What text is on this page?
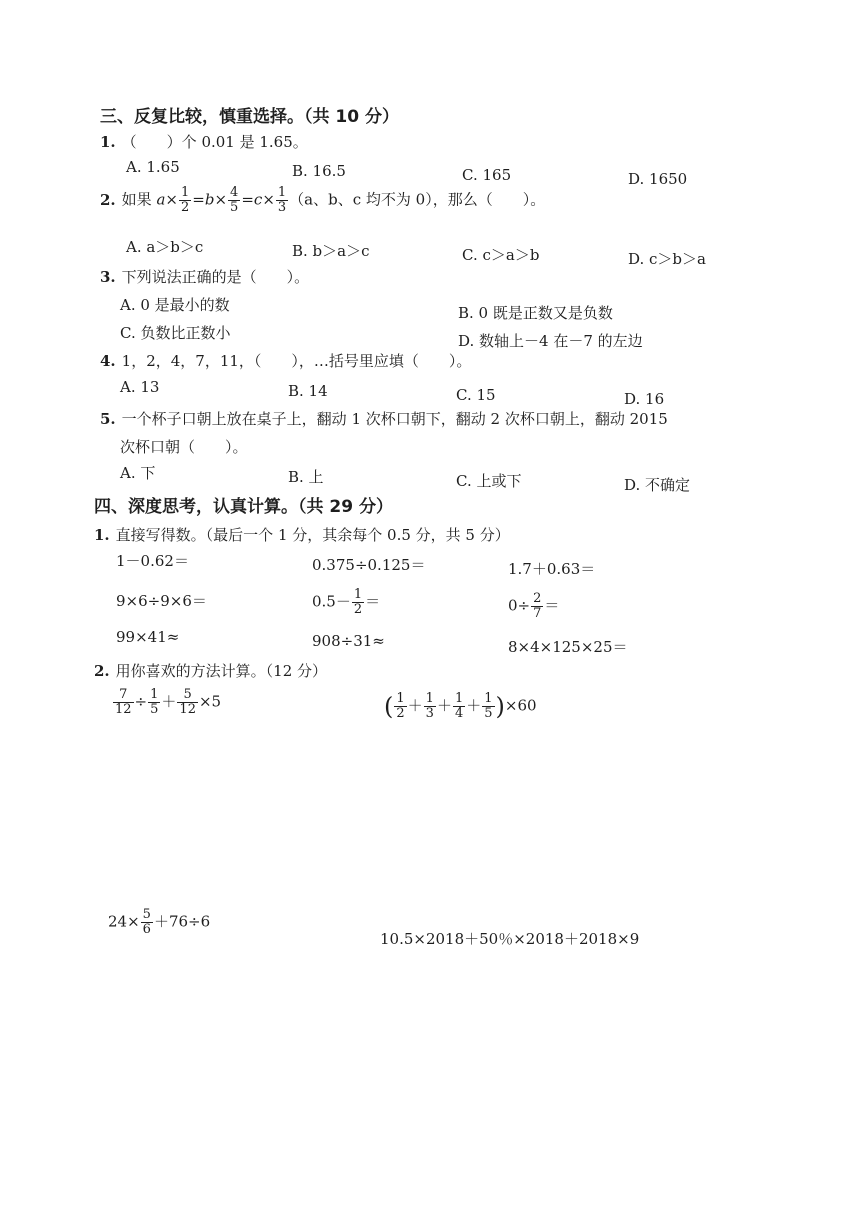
三、反复比较，慎重选择。（共 10 分）
1. （　　）个 0.01 是 1.65。
A. 1.65	B. 16.5	C. 165	D. 1650
2. 如果 $a\times \frac{1}{2} =b\times \frac{4}{5} =c\times \frac{1}{3} (a$、b、c 均不为 0），那么（　　）。
A. a＞b＞c	B. b＞a＞c	C. c＞a＞b	D. c＞b＞a
3. 下列说法正确的是（　　）。
A. 0 是最小的数	B. 0 既是正数又是负数
C. 负数比正数小	D. 数轴上－4 在－7 的左边
4. 1，2，4，7，11，（　　），…括号里应填（　　）。
A. 13	B. 14	C. 15	D. 16
5. 一个杯子口朝上放在桌子上，翻动 1 次杯口朝下，翻动 2 次杯口朝上，翻动 2015
次杯口朝（　　）。
A. 下	B. 上	C. 上或下	D. 不确定
四、深度思考，认真计算。（共 29 分）
1. 直接写得数。（最后一个 1 分，其余每个 0.5 分，共 5 分）
1－0.62＝	0.375÷0.125＝	1.7＋0.63＝
9×6÷9×6＝	$0.5- \frac{1}{2}$ ＝	$0\div \frac{2}{7}$ ＝
99×41≈	908÷31≈	8×4×125×25＝
2. 用你喜欢的方法计算。（12 分）
$\frac{7}{12} \div \frac{1}{5} + \frac{5}{12} \times 5$	( $\frac{1}{2} + \frac{1}{3} + \frac{1}{4} + \frac{1}{5} )\times 60$
$24\times \frac{5}{6} +76\div 6$
10.5×2018＋50％×2018＋2018×9
